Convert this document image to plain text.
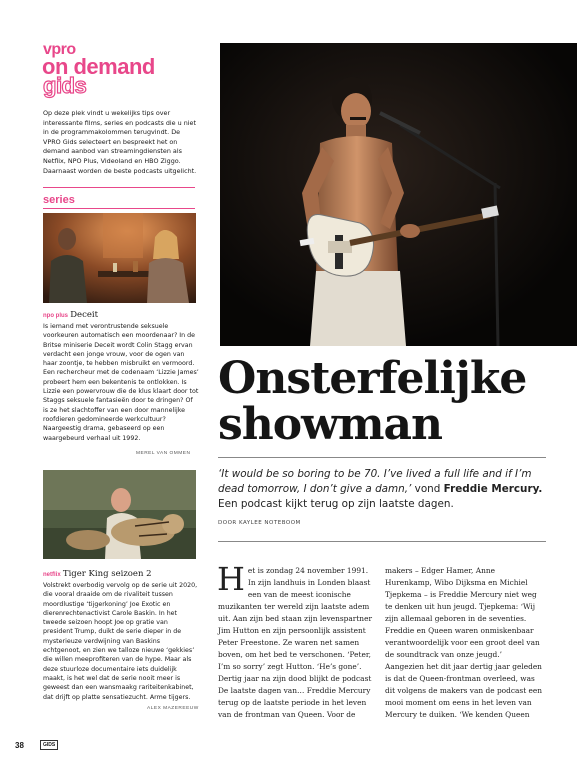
vpro
on demand
gids
Op deze plek vindt u wekelijks tips over interessante films, series en podcasts die u niet in de programmakolommen terugvindt. De VPRO Gids selecteert en bespreekt het on demand aanbod van streamingdiensten als Netflix, NPO Plus, Videoland en HBO Ziggo. Daarnaast worden de beste podcasts uitgelicht.
series
npo plus Deceit
Is iemand met verontrustende seksuele voorkeuren automatisch een moordenaar? In de Britse miniserie Deceit wordt Colin Stagg ervan verdacht een jonge vrouw, voor de ogen van haar zoontje, te hebben misbruikt en vermoord. Een rechercheur met de codenaam ‘Lizzie James’ probeert hem een bekentenis te ontlokken. Is Lizzie een powervrouw die de klus klaart door tot Staggs seksuele fantasieën door te dringen? Of is ze het slachtoffer van een door mannelijke roofdieren gedomineerde werkcultuur? Naargeestig drama, gebaseerd op een waargebeurd verhaal uit 1992.
MEREL VAN OMMEN
netflix Tiger King seizoen 2
Volstrekt overbodig vervolg op de serie uit 2020, die vooral draaide om de rivaliteit tussen moordlustige ‘tijgerkoning’ Joe Exotic en dierenrechtenactivist Carole Baskin. In het tweede seizoen hoopt Joe op gratie van president Trump, duikt de serie dieper in de mysterieuze verdwijning van Baskins echtgenoot, en zien we talloze nieuwe ‘gekkies’ die willen meeprofiteren van de hype. Maar als deze stuurloze documentaire iets duidelijk maakt, is het wel dat de serie nooit meer is geweest dan een wansmaakg rariteitenkabinet, dat drijft op platte sensatiezucht. Arme tijgers.
ALEX MAZEREEUW
Onsterfelijke
showman
‘It would be so boring to be 70. I’ve lived a full life and if I’m dead tomorrow, I don’t give a damn,’ vond Freddie Mercury. Een podcast kijkt terug op zijn laatste dagen.
DOOR KAYLEE NOTEBOOM
Het is zondag 24 november 1991. In zijn landhuis in Londen blaast een van de meest iconische muzikanten ter wereld zijn laatste adem uit. Aan zijn bed staan zijn levenspartner Jim Hutton en zijn persoonlijk assistent Peter Freestone. Ze waren net samen boven, om het bed te verschonen. ‘Peter, I’m so sorry’ zegt Hutton. ‘He’s gone’. Dertig jaar na zijn dood blijkt de podcast De laatste dagen van… Freddie Mercury terug op de laatste periode in het leven van de frontman van Queen. Voor de
makers – Edger Hamer, Anne Hurenkamp, Wibo Dijksma en Michiel Tjepkema – is Freddie Mercury niet weg te denken uit hun jeugd. Tjepkema: ‘Wij zijn allemaal geboren in de seventies. Freddie en Queen waren onmiskenbaar verantwoordelijk voor een groot deel van de soundtrack van onze jeugd.’ Aangezien het dit jaar dertig jaar geleden is dat de Queen-frontman overleed, was dit volgens de makers van de podcast een mooi moment om eens in het leven van Mercury te duiken. ‘We kenden Queen
38	GIDS
